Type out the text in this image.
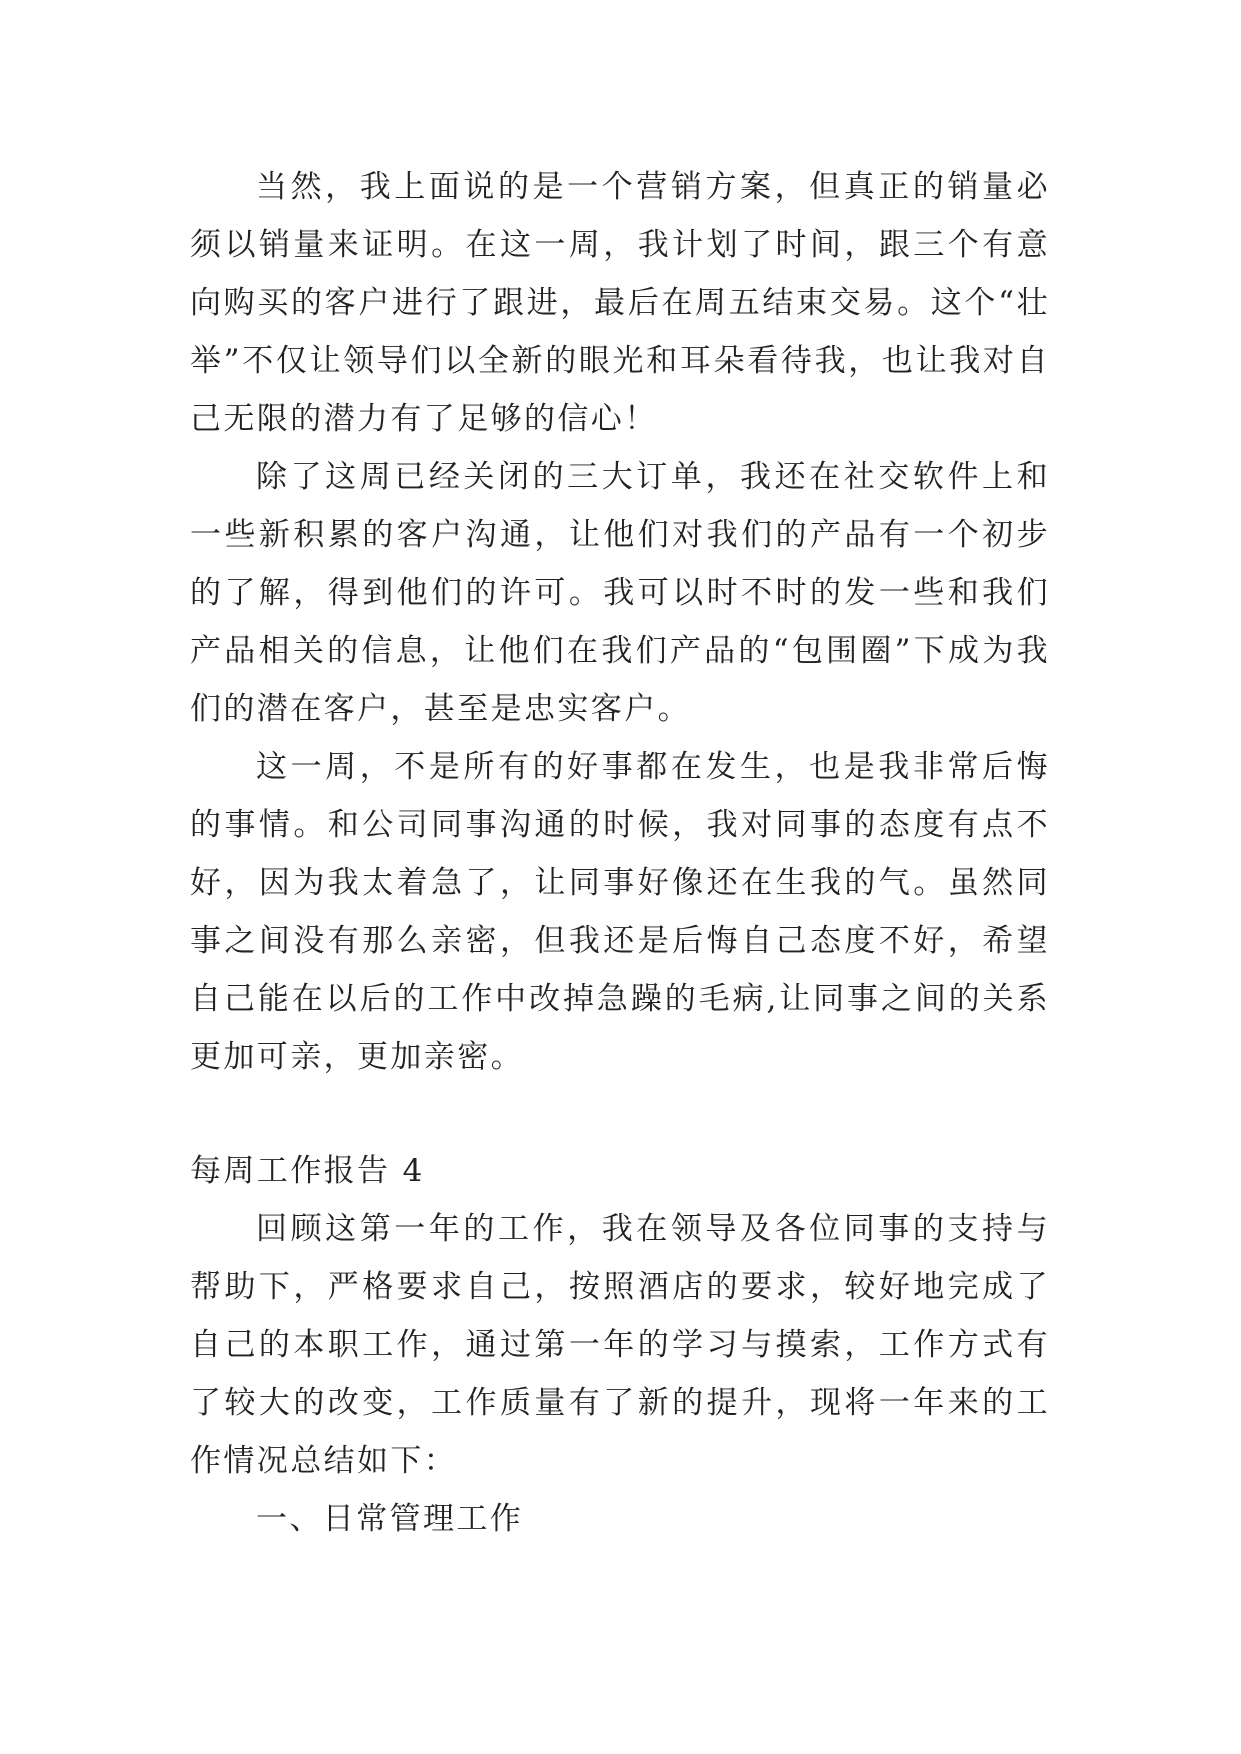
当然，我上面说的是一个营销方案，但真正的销量必须以销量来证明。在这一周，我计划了时间，跟三个有意向购买的客户进行了跟进，最后在周五结束交易。这个“壮举”不仅让领导们以全新的眼光和耳朵看待我，也让我对自己无限的潜力有了足够的信心！

除了这周已经关闭的三大订单，我还在社交软件上和一些新积累的客户沟通，让他们对我们的产品有一个初步的了解，得到他们的许可。我可以时不时的发一些和我们产品相关的信息，让他们在我们产品的“包围圈”下成为我们的潜在客户，甚至是忠实客户。

这一周，不是所有的好事都在发生，也是我非常后悔的事情。和公司同事沟通的时候，我对同事的态度有点不好，因为我太着急了，让同事好像还在生我的气。虽然同事之间没有那么亲密，但我还是后悔自己态度不好，希望自己能在以后的工作中改掉急躁的毛病,让同事之间的关系更加可亲，更加亲密。

每周工作报告 4

回顾这第一年的工作，我在领导及各位同事的支持与帮助下，严格要求自己，按照酒店的要求，较好地完成了自己的本职工作，通过第一年的学习与摸索，工作方式有了较大的改变，工作质量有了新的提升，现将一年来的工作情况总结如下：

一、日常管理工作
